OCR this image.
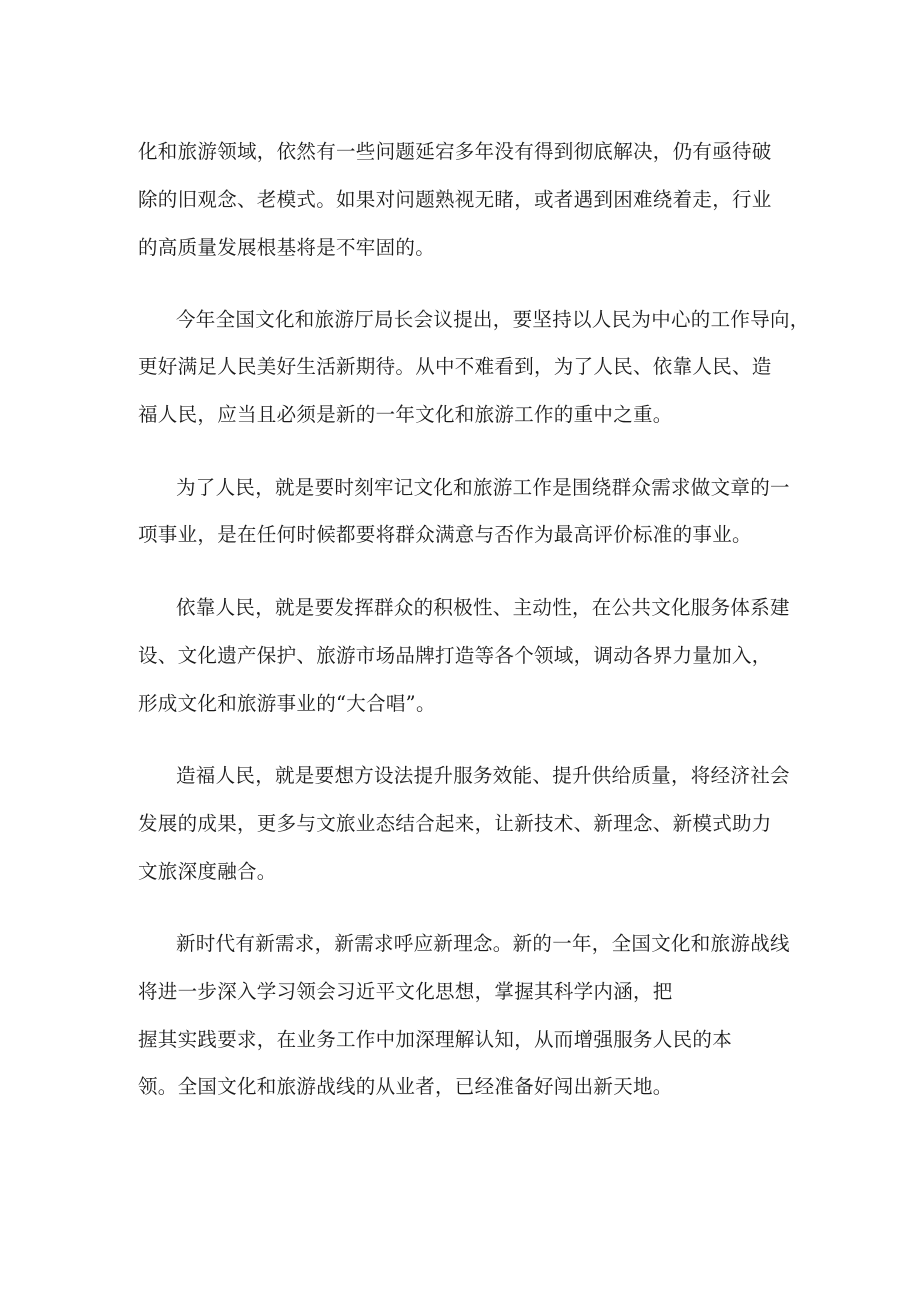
化和旅游领域，依然有一些问题延宕多年没有得到彻底解决，仍有亟待破
除的旧观念、老模式。如果对问题熟视无睹，或者遇到困难绕着走，行业
的高质量发展根基将是不牢固的。
今年全国文化和旅游厅局长会议提出，要坚持以人民为中心的工作导向，
更好满足人民美好生活新期待。从中不难看到，为了人民、依靠人民、造
福人民，应当且必须是新的一年文化和旅游工作的重中之重。
为了人民，就是要时刻牢记文化和旅游工作是围绕群众需求做文章的一
项事业，是在任何时候都要将群众满意与否作为最高评价标准的事业。
依靠人民，就是要发挥群众的积极性、主动性，在公共文化服务体系建
设、文化遗产保护、旅游市场品牌打造等各个领域，调动各界力量加入，
形成文化和旅游事业的“大合唱”。
造福人民，就是要想方设法提升服务效能、提升供给质量，将经济社会
发展的成果，更多与文旅业态结合起来，让新技术、新理念、新模式助力
文旅深度融合。
新时代有新需求，新需求呼应新理念。新的一年，全国文化和旅游战线
将进一步深入学习领会习近平文化思想，掌握其科学内涵，把
握其实践要求，在业务工作中加深理解认知，从而增强服务人民的本
领。全国文化和旅游战线的从业者，已经准备好闯出新天地。
